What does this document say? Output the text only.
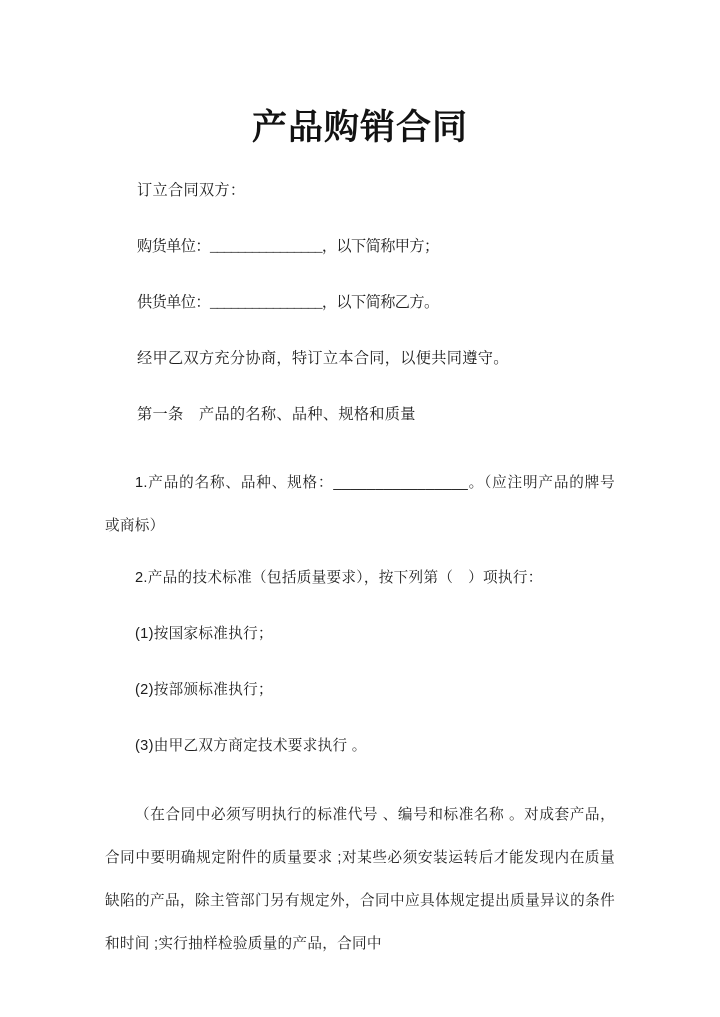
产品购销合同

订立合同双方：

购货单位：________________，以下简称甲方；

供货单位：________________，以下简称乙方。

经甲乙双方充分协商，特订立本合同，以便共同遵守。

第一条　产品的名称、品种、规格和质量

1.产品的名称、品种、规格：________________。（应注明产品的牌号或商标）

2.产品的技术标准（包括质量要求），按下列第（　）项执行：

(1)按国家标准执行；

(2)按部颁标准执行；

(3)由甲乙双方商定技术要求执行 。

（在合同中必须写明执行的标准代号 、编号和标准名称 。对成套产品，合同中要明确规定附件的质量要求 ;对某些必须安装运转后才能发现内在质量缺陷的产品，除主管部门另有规定外，合同中应具体规定提出质量异议的条件和时间 ;实行抽样检验质量的产品，合同中
